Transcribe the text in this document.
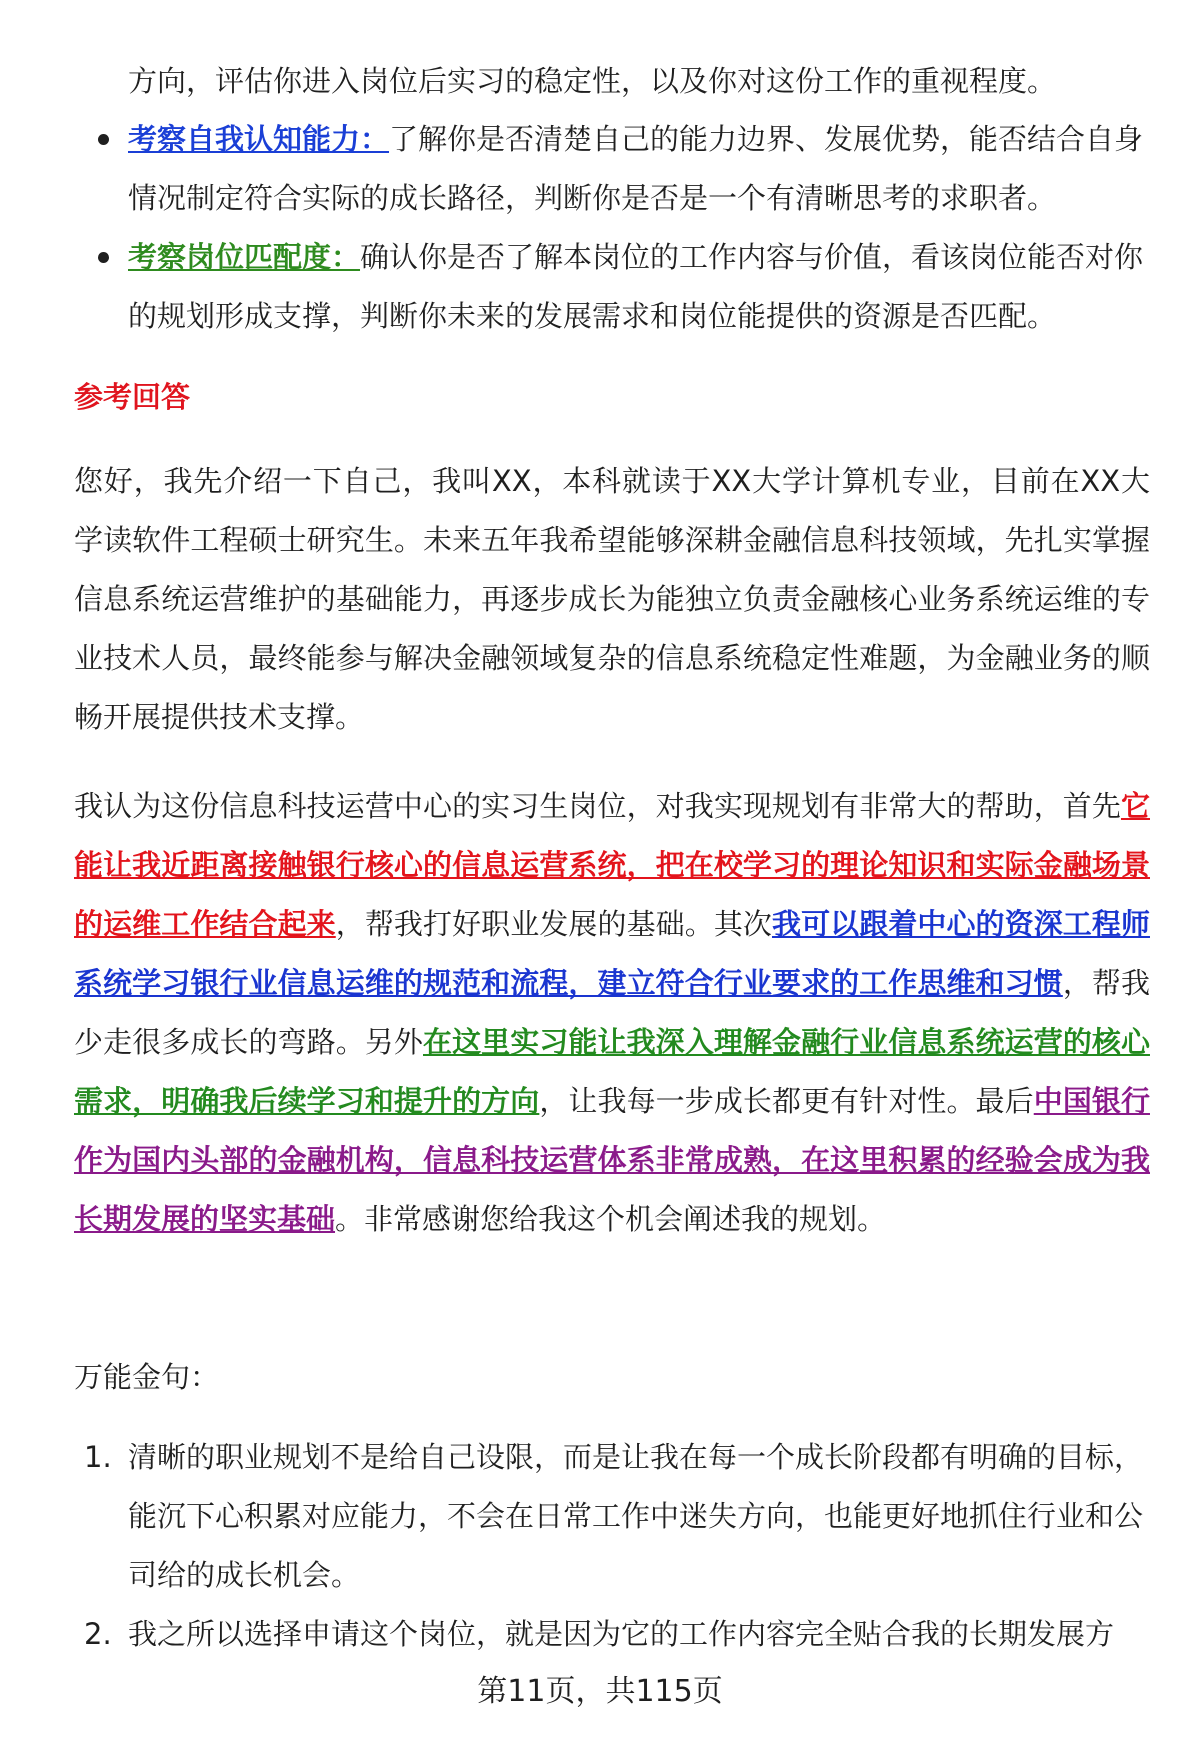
方向，评估你进入岗位后实习的稳定性，以及你对这份工作的重视程度。
考察自我认知能力：了解你是否清楚自己的能力边界、发展优势，能否结合自身情况制定符合实际的成长路径，判断你是否是一个有清晰思考的求职者。
考察岗位匹配度：确认你是否了解本岗位的工作内容与价值，看该岗位能否对你的规划形成支撑，判断你未来的发展需求和岗位能提供的资源是否匹配。
参考回答
您好，我先介绍一下自己，我叫XX，本科就读于XX大学计算机专业，目前在XX大学读软件工程硕士研究生。未来五年我希望能够深耕金融信息科技领域，先扎实掌握信息系统运营维护的基础能力，再逐步成长为能独立负责金融核心业务系统运维的专业技术人员，最终能参与解决金融领域复杂的信息系统稳定性难题，为金融业务的顺畅开展提供技术支撑。
我认为这份信息科技运营中心的实习生岗位，对我实现规划有非常大的帮助，首先它能让我近距离接触银行核心的信息运营系统，把在校学习的理论知识和实际金融场景的运维工作结合起来，帮我打好职业发展的基础。其次我可以跟着中心的资深工程师系统学习银行业信息运维的规范和流程，建立符合行业要求的工作思维和习惯，帮我少走很多成长的弯路。另外在这里实习能让我深入理解金融行业信息系统运营的核心需求，明确我后续学习和提升的方向，让我每一步成长都更有针对性。最后中国银行作为国内头部的金融机构，信息科技运营体系非常成熟，在这里积累的经验会成为我长期发展的坚实基础。非常感谢您给我这个机会阐述我的规划。
万能金句：
1. 清晰的职业规划不是给自己设限，而是让我在每一个成长阶段都有明确的目标，能沉下心积累对应能力，不会在日常工作中迷失方向，也能更好地抓住行业和公司给的成长机会。
2. 我之所以选择申请这个岗位，就是因为它的工作内容完全贴合我的长期发展方
第11页，共115页
